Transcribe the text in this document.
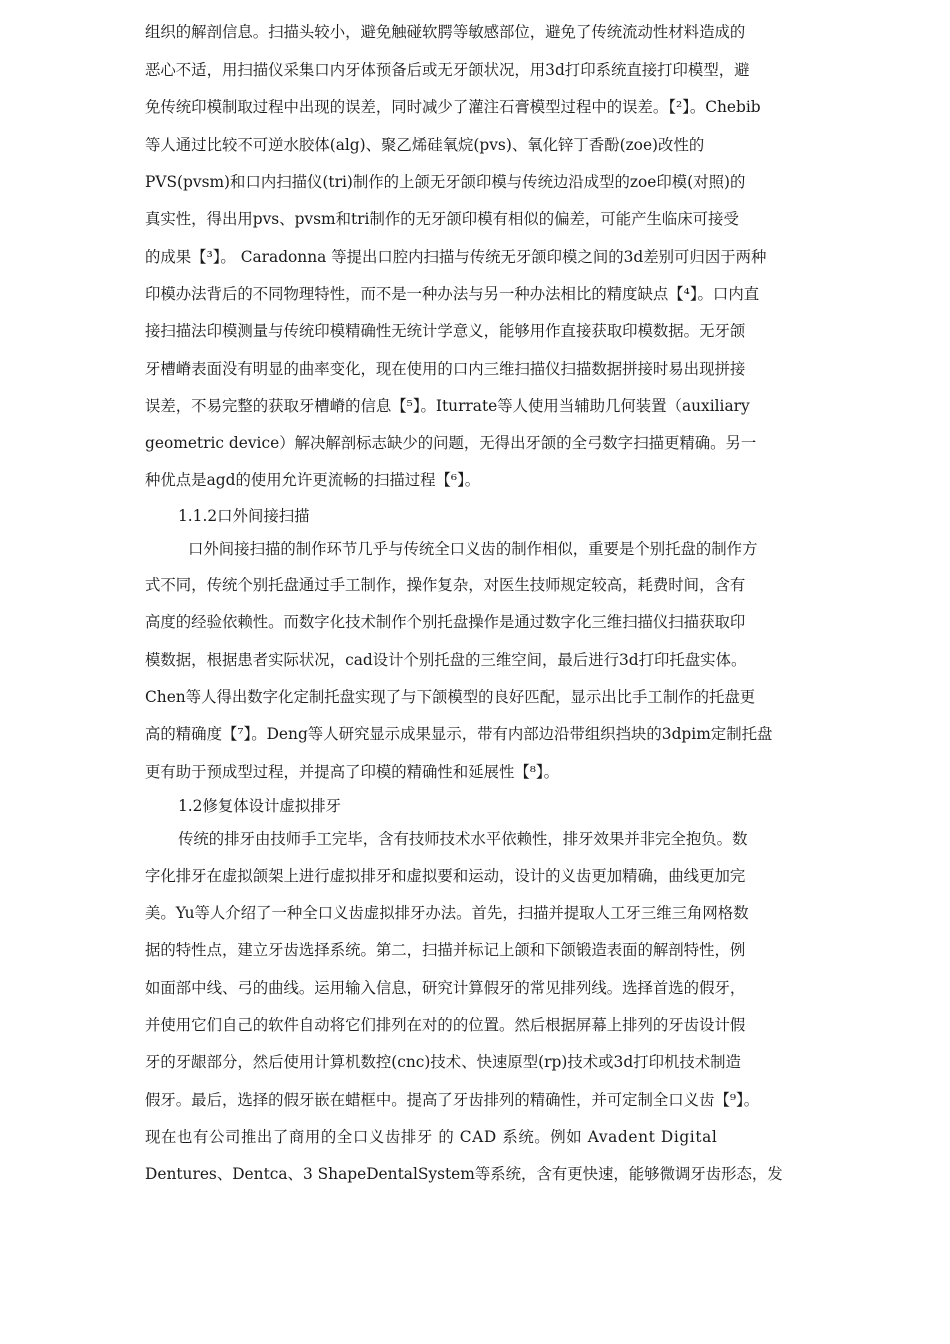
组织的解剖信息。扫描头较小，避免触碰软腭等敏感部位，避免了传统流动性材料造成的
恶心不适，用扫描仪采集口内牙体预备后或无牙颌状况，用3d打印系统直接打印模型，避
免传统印模制取过程中出现的误差，同时减少了灌注石膏模型过程中的误差。【²】。Chebib
等人通过比较不可逆水胶体(alg)、聚乙烯硅氧烷(pvs)、氧化锌丁香酚(zoe)改性的
PVS(pvsm)和口内扫描仪(tri)制作的上颌无牙颌印模与传统边沿成型的zoe印模(对照)的
真实性，得出用pvs、pvsm和tri制作的无牙颌印模有相似的偏差，可能产生临床可接受
的成果【³】。 Caradonna 等提出口腔内扫描与传统无牙颌印模之间的3d差别可归因于两种
印模办法背后的不同物理特性，而不是一种办法与另一种办法相比的精度缺点【⁴】。口内直
接扫描法印模测量与传统印模精确性无统计学意义，能够用作直接获取印模数据。无牙颌
牙槽嵴表面没有明显的曲率变化，现在使用的口内三维扫描仪扫描数据拼接时易出现拼接
误差，不易完整的获取牙槽嵴的信息【⁵】。Iturrate等人使用当辅助几何装置（auxiliary
geometric device）解决解剖标志缺少的问题，无得出牙颌的全弓数字扫描更精确。另一
种优点是agd的使用允许更流畅的扫描过程【⁶】。
1.1.2口外间接扫描
口外间接扫描的制作环节几乎与传统全口义齿的制作相似，重要是个别托盘的制作方
式不同，传统个别托盘通过手工制作，操作复杂，对医生技师规定较高，耗费时间，含有
高度的经验依赖性。而数字化技术制作个别托盘操作是通过数字化三维扫描仪扫描获取印
模数据，根据患者实际状况，cad设计个别托盘的三维空间，最后进行3d打印托盘实体。
Chen等人得出数字化定制托盘实现了与下颌模型的良好匹配，显示出比手工制作的托盘更
高的精确度【⁷】。Deng等人研究显示成果显示，带有内部边沿带组织挡块的3dpim定制托盘
更有助于预成型过程，并提高了印模的精确性和延展性【⁸】。
1.2修复体设计虚拟排牙
传统的排牙由技师手工完毕，含有技师技术水平依赖性，排牙效果并非完全抱负。数
字化排牙在虚拟颌架上进行虚拟排牙和虚拟要和运动，设计的义齿更加精确，曲线更加完
美。Yu等人介绍了一种全口义齿虚拟排牙办法。首先，扫描并提取人工牙三维三角网格数
据的特性点，建立牙齿选择系统。第二，扫描并标记上颌和下颌锻造表面的解剖特性，例
如面部中线、弓的曲线。运用输入信息，研究计算假牙的常见排列线。选择首选的假牙，
并使用它们自己的软件自动将它们排列在对的的位置。然后根据屏幕上排列的牙齿设计假
牙的牙龈部分，然后使用计算机数控(cnc)技术、快速原型(rp)技术或3d打印机技术制造
假牙。最后，选择的假牙嵌在蜡框中。提高了牙齿排列的精确性，并可定制全口义齿【⁹】。
现在也有公司推出了商用的全口义齿排牙 的 CAD 系统。例如 Avadent Digital
Dentures、Dentca、3 ShapeDentalSystem等系统，含有更快速，能够微调牙齿形态，发
